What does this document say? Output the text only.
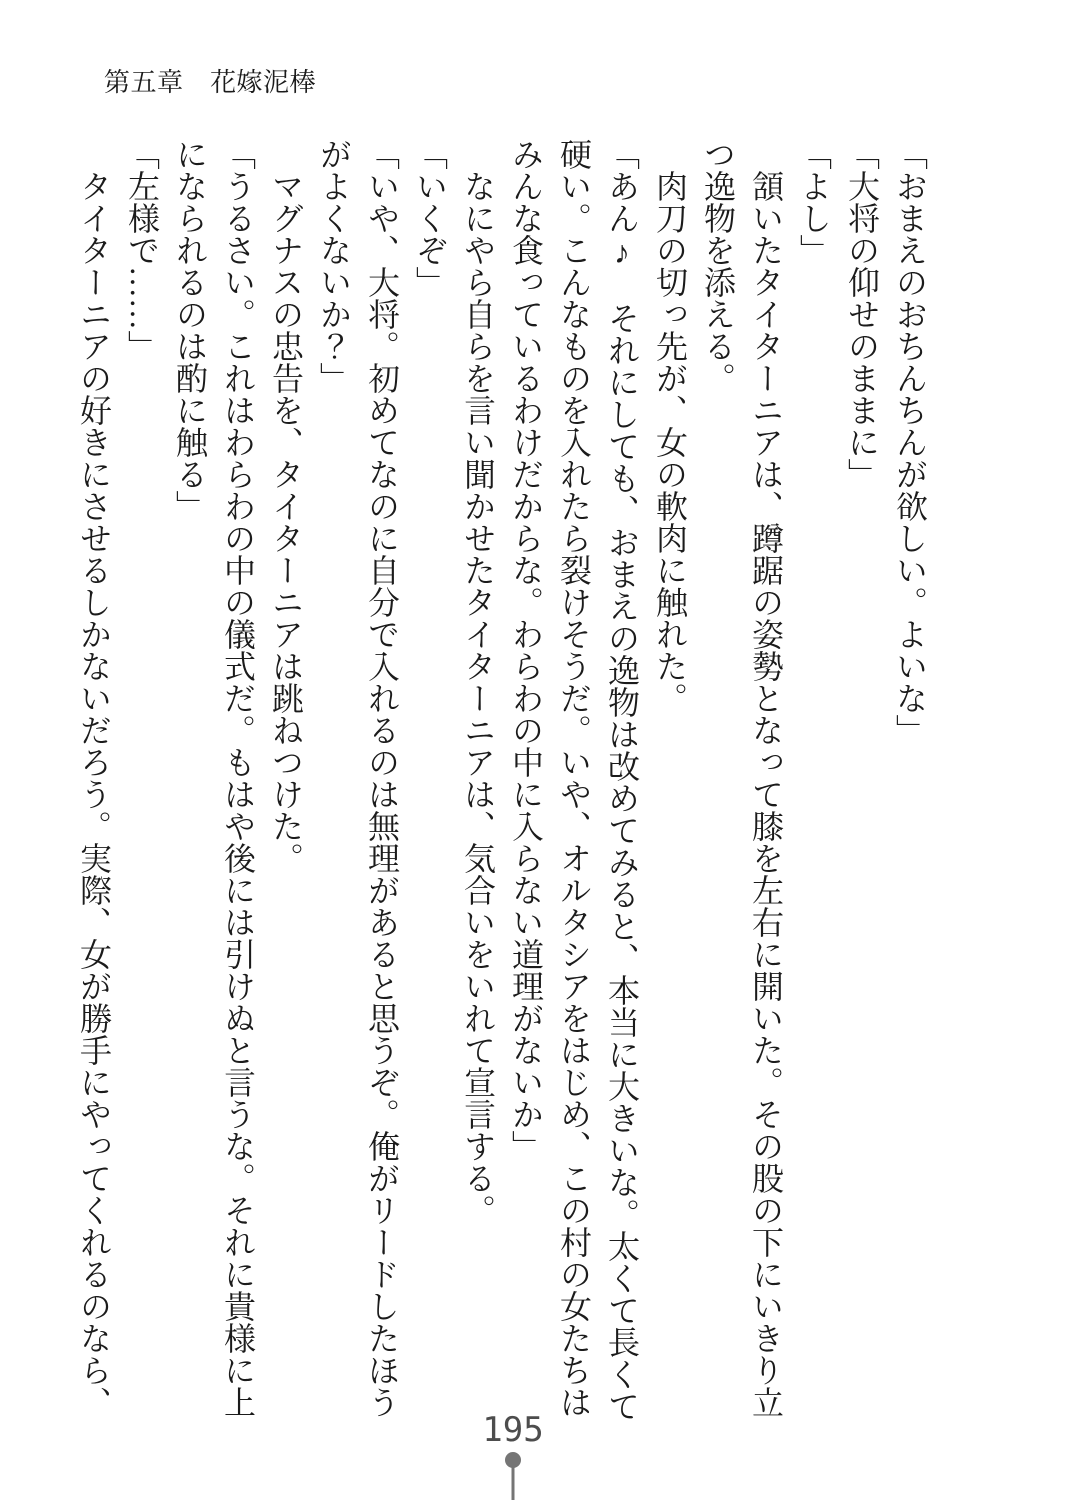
第五章　花嫁泥棒

「おまえのおちんちんが欲しい。よいな」

「大将の仰せのままに」

「よし」

頷いたタイターニアは、蹲踞の姿勢となって膝を左右に開いた。その股の下にいきり立つ逸物を添える。

肉刀の切っ先が、女の軟肉に触れた。

「あん♪　それにしても、おまえの逸物は改めてみると、本当に大きいな。太くて長くて硬い。こんなものを入れたら裂けそうだ。いや、オルタシアをはじめ、この村の女たちはみんな食っているわけだからな。わらわの中に入らない道理がないか」

なにやら自らを言い聞かせたタイターニアは、気合いをいれて宣言する。

「いくぞ」

「いや、大将。初めてなのに自分で入れるのは無理があると思うぞ。俺がリードしたほうがよくないか？」

マグナスの忠告を、タイターニアは跳ねつけた。

「うるさい。これはわらわの中の儀式だ。もはや後には引けぬと言うな。それに貴様に上になられるのは酌に触る」

「左様で……」

タイターニアの好きにさせるしかないだろう。実際、女が勝手にやってくれるのなら、

195
